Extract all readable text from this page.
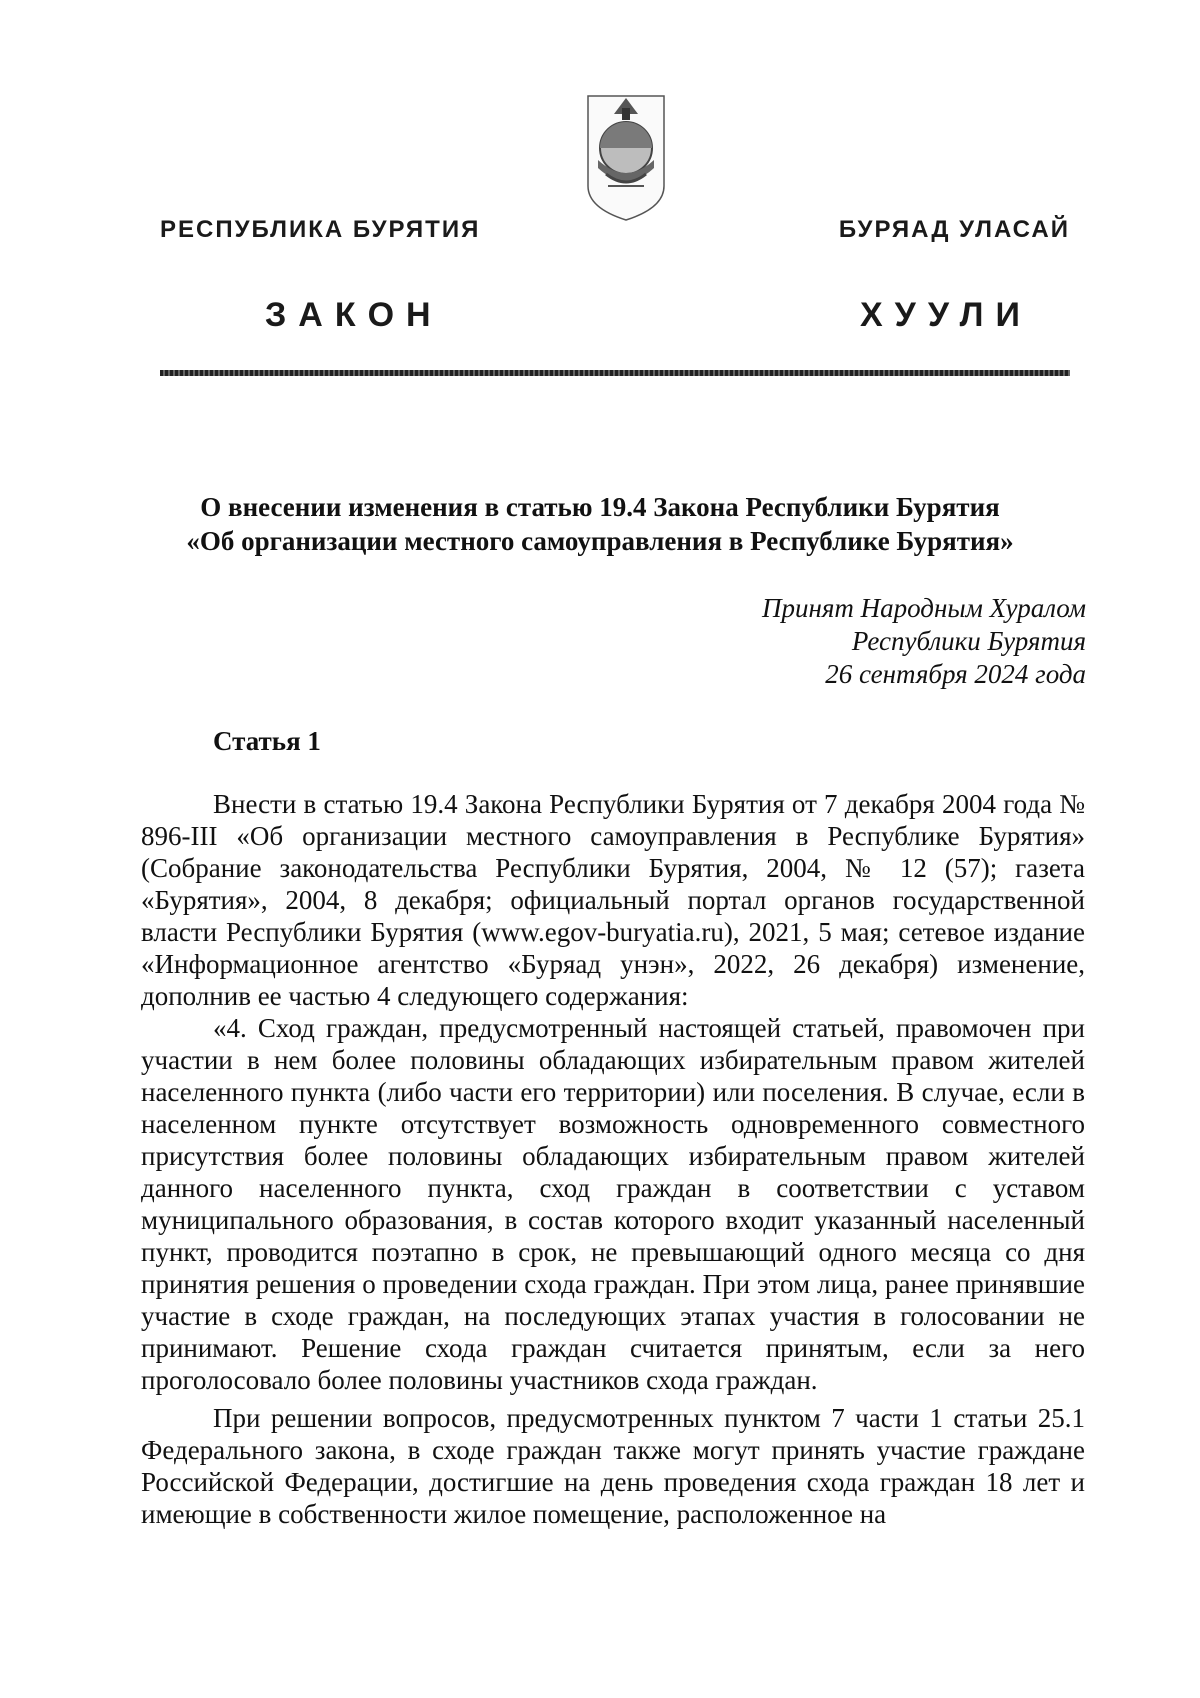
РЕСПУБЛИКА БУРЯТИЯ	БУРЯАД УЛАСАЙ
ЗАКОН	ХУУЛИ
О внесении изменения в статью 19.4 Закона Республики Бурятия
«Об организации местного самоуправления в Республике Бурятия»
Принят Народным Хуралом
Республики Бурятия
26 сентября 2024 года
Статья 1

Внести в статью 19.4 Закона Республики Бурятия от 7 декабря 2004 года № 896-III «Об организации местного самоуправления в Республике Бурятия» (Собрание законодательства Республики Бурятия, 2004, № 12 (57); газета «Бурятия», 2004, 8 декабря; официальный портал органов государственной власти Республики Бурятия (www.egov-buryatia.ru), 2021, 5 мая; сетевое издание «Информационное агентство «Буряад унэн», 2022, 26 декабря) изменение, дополнив ее частью 4 следующего содержания:

«4. Сход граждан, предусмотренный настоящей статьей, правомочен при участии в нем более половины обладающих избирательным правом жителей населенного пункта (либо части его территории) или поселения. В случае, если в населенном пункте отсутствует возможность одновременного совместного присутствия более половины обладающих избирательным правом жителей данного населенного пункта, сход граждан в соответствии с уставом муниципального образования, в состав которого входит указанный населенный пункт, проводится поэтапно в срок, не превышающий одного месяца со дня принятия решения о проведении схода граждан. При этом лица, ранее принявшие участие в сходе граждан, на последующих этапах участия в голосовании не принимают. Решение схода граждан считается принятым, если за него проголосовало более половины участников схода граждан.

При решении вопросов, предусмотренных пунктом 7 части 1 статьи 25.1 Федерального закона, в сходе граждан также могут принять участие граждане Российской Федерации, достигшие на день проведения схода граждан 18 лет и имеющие в собственности жилое помещение, расположенное на
